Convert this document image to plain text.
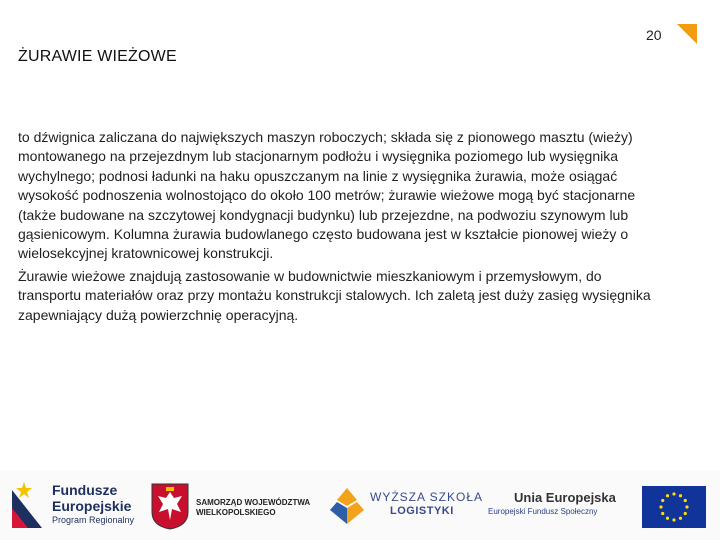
20
ŻURAWIE WIEŻOWE

to dźwignica zaliczana do największych maszyn roboczych; składa się z pionowego masztu (wieży) montowanego na przejezdnym lub stacjonarnym podłożu i wysięgnika poziomego lub wysięgnika wychylnego; podnosi ładunki na haku opuszczanym na linie z wysięgnika żurawia, może osiągać wysokość podnoszenia wolnostojąco do około 100 metrów; żurawie wieżowe mogą być stacjonarne (także budowane na szczytowej kondygnacji budynku) lub przejezdne, na podwoziu szynowym lub gąsienicowym. Kolumna żurawia budowlanego często budowana jest w kształcie pionowej wieży o wielosekcyjnej kratownicowej konstrukcji.

Żurawie wieżowe znajdują zastosowanie w budownictwie mieszkaniowym i przemysłowym, do transportu materiałów oraz przy montażu konstrukcji stalowych. Ich zaletą jest duży zasięg wysięgnika zapewniający dużą powierzchnię operacyjną.

Fundusze
Europejskie
Program Regionalny
SAMORZĄD WOJEWÓDZTWA
WIELKOPOLSKIEGO
WYŻSZA SZKOŁA
LOGISTYKI
Unia Europejska
Europejski Fundusz Społeczny
